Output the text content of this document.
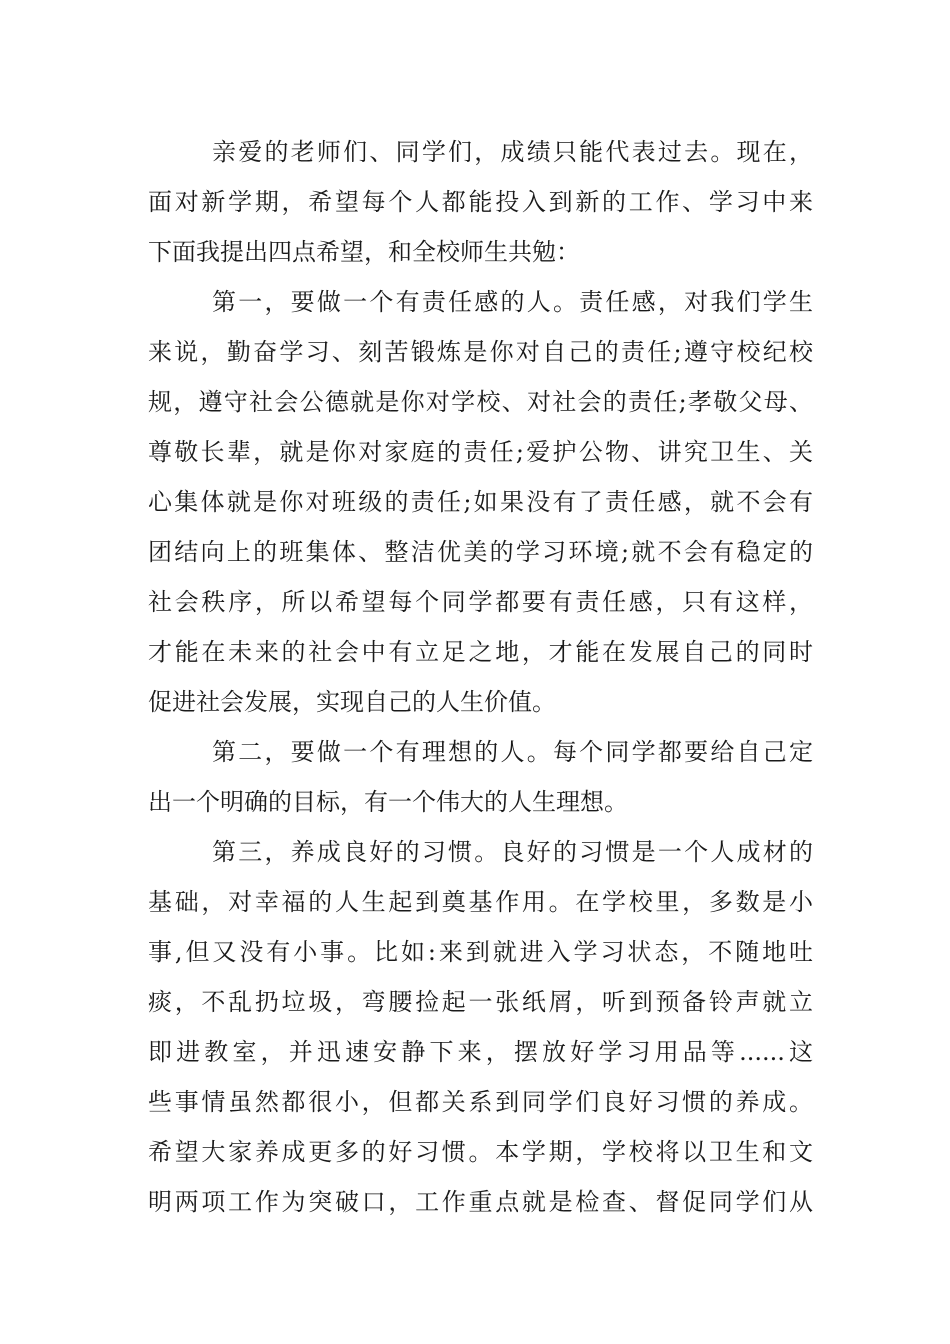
亲爱的老师们、同学们，成绩只能代表过去。现在，
面对新学期，希望每个人都能投入到新的工作、学习中来
下面我提出四点希望，和全校师生共勉：
第一，要做一个有责任感的人。责任感，对我们学生
来说，勤奋学习、刻苦锻炼是你对自己的责任;遵守校纪校
规，遵守社会公德就是你对学校、对社会的责任;孝敬父母、
尊敬长辈，就是你对家庭的责任;爱护公物、讲究卫生、关
心集体就是你对班级的责任;如果没有了责任感，就不会有
团结向上的班集体、整洁优美的学习环境;就不会有稳定的
社会秩序，所以希望每个同学都要有责任感，只有这样，
才能在未来的社会中有立足之地，才能在发展自己的同时
促进社会发展，实现自己的人生价值。
第二，要做一个有理想的人。每个同学都要给自己定
出一个明确的目标，有一个伟大的人生理想。
第三，养成良好的习惯。良好的习惯是一个人成材的
基础，对幸福的人生起到奠基作用。在学校里，多数是小
事,但又没有小事。比如:来到就进入学习状态，不随地吐
痰，不乱扔垃圾，弯腰捡起一张纸屑，听到预备铃声就立
即进教室，并迅速安静下来，摆放好学习用品等......这
些事情虽然都很小，但都关系到同学们良好习惯的养成。
希望大家养成更多的好习惯。本学期，学校将以卫生和文
明两项工作为突破口，工作重点就是检查、督促同学们从
